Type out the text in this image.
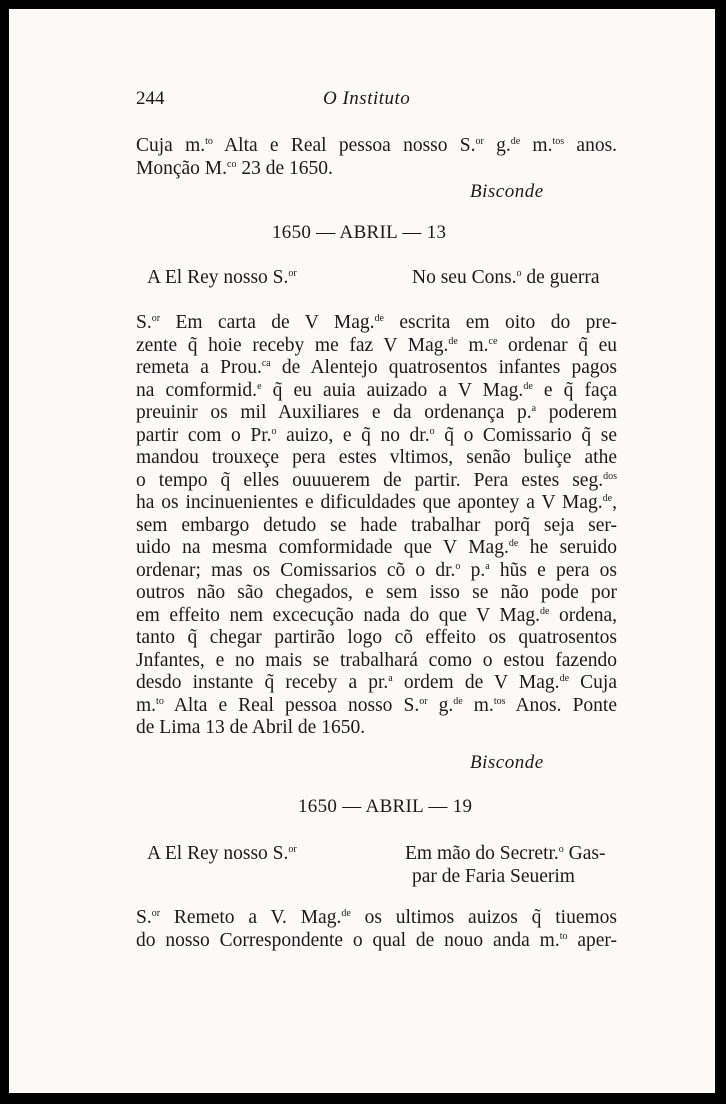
244	O Instituto
Cuja m.$^{to}$ Alta e Real pessoa nosso S.$^{or}$ g.$^{de}$ m.$^{tos}$ anos.
Monção M.$^{co}$ 23 de 1650.
Bisconde
1650 — ABRIL — 13
A El Rey nosso S.$^{or}$	No seu Cons.$^o$ de guerra
S.$^{or}$ Em carta de V Mag.$^{de}$ escrita em oito do pre-
zente q̃ hoie receby me faz V Mag.$^{de}$ m.$^{ce}$ ordenar q̃ eu
remeta a Prou.$^{ca}$ de Alentejo quatrosentos infantes pagos
na comformid.$^e$ q̃ eu auia auizado a V Mag.$^{de}$ e q̃ faça
preuinir os mil Auxiliares e da ordenança p.$^a$ poderem
partir com o Pr.$^o$ auizo, e q̃ no dr.$^o$ q̃ o Comissario q̃ se
mandou trouxeçe pera estes vltimos, senão buliçe athe
o tempo q̃ elles ouuuerem de partir. Pera estes seg.$^{dos}$
ha os incinuenientes e dificuldades que apontey a V Mag.$^{de}$,
sem embargo detudo se hade trabalhar porq̃ seja ser-
uido na mesma comformidade que V Mag.$^{de}$ he seruido
ordenar; mas os Comissarios cõ o dr.$^o$ p.$^a$ hũs e pera os
outros não são chegados, e sem isso se não pode por
em effeito nem excecução nada do que V Mag.$^{de}$ ordena,
tanto q̃ chegar partirão logo cõ effeito os quatrosentos
Jnfantes, e no mais se trabalhará como o estou fazendo
desdo instante q̃ receby a pr.$^a$ ordem de V Mag.$^{de}$ Cuja
m.$^{to}$ Alta e Real pessoa nosso S.$^{or}$ g.$^{de}$ m.$^{tos}$ Anos. Ponte
de Lima 13 de Abril de 1650.
Bisconde
1650 — ABRIL — 19
A El Rey nosso S.$^{or}$	Em mão do Secretr.$^o$ Gas-
par de Faria Seuerim
S.$^{or}$ Remeto a V. Mag.$^{de}$ os ultimos auizos q̃ tiuemos
do nosso Correspondente o qual de nouo anda m.$^{to}$ aper-
